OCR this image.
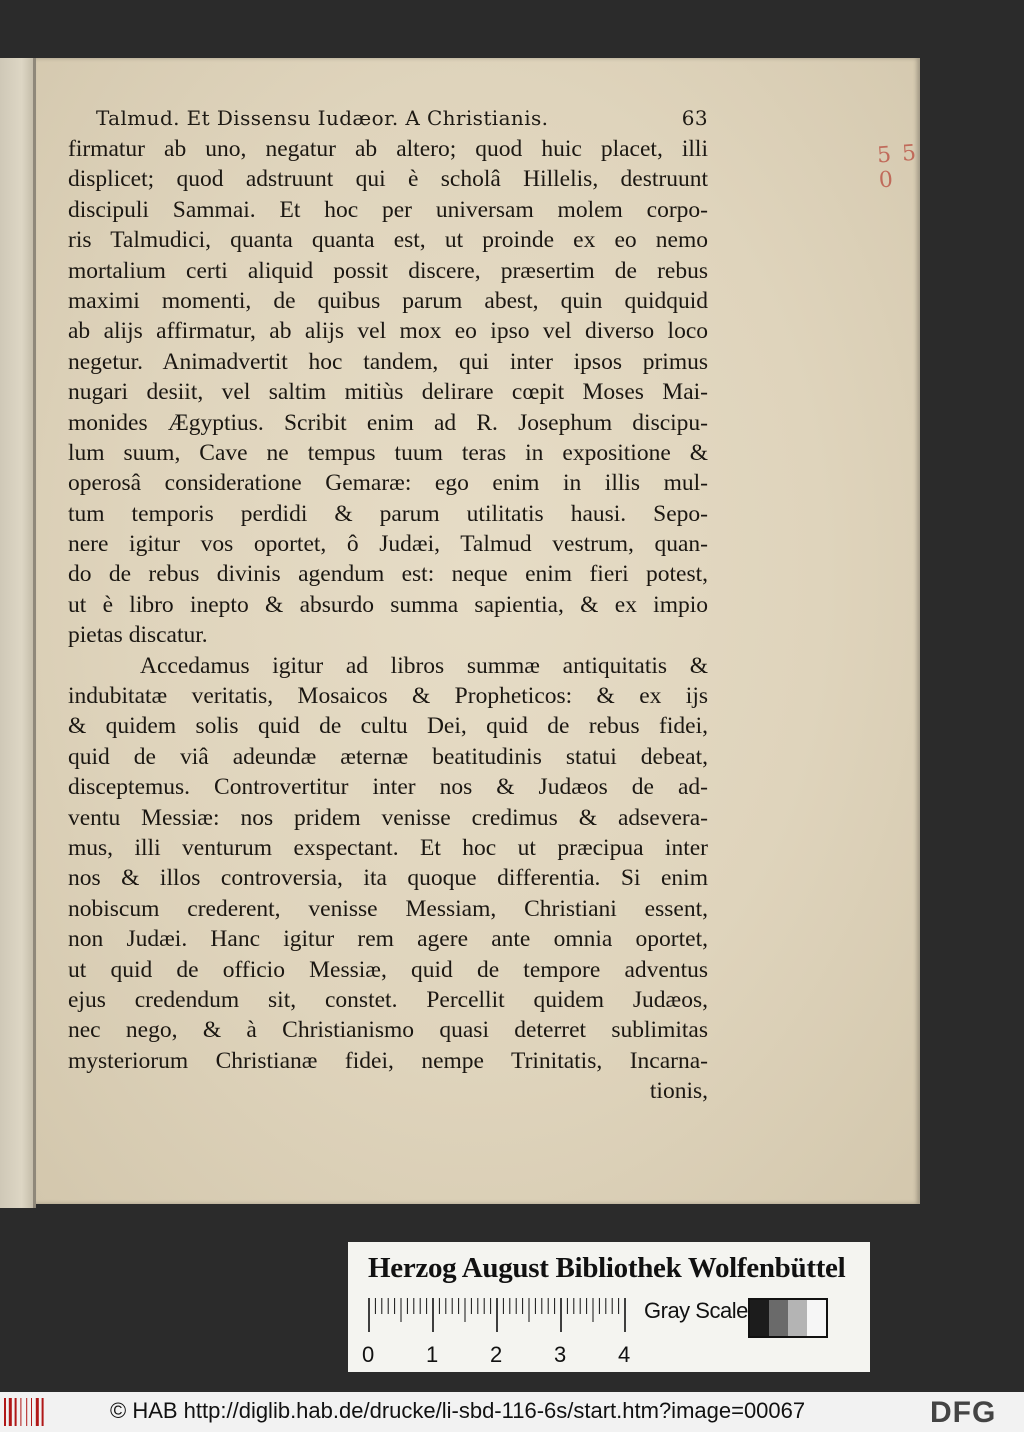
5 5 0
Talmud. Et Dissensu Iudæor. A Christianis.	63
firmatur ab uno, negatur ab altero; quod huic placet, illi
displicet; quod adstruunt qui è scholâ Hillelis, destruunt
discipuli Sammai. Et hoc per universam molem corpo-
ris Talmudici, quanta quanta est, ut proinde ex eo nemo
mortalium certi aliquid possit discere, præsertim de rebus
maximi momenti, de quibus parum abest, quin quidquid
ab alijs affirmatur, ab alijs vel mox eo ipso vel diverso loco
negetur. Animadvertit hoc tandem, qui inter ipsos primus
nugari desiit, vel saltim mitiùs delirare cœpit Moses Mai-
monides Ægyptius. Scribit enim ad R. Josephum discipu-
lum suum, Cave ne tempus tuum teras in expositione &
operosâ consideratione Gemaræ: ego enim in illis mul-
tum temporis perdidi & parum utilitatis hausi. Sepo-
nere igitur vos oportet, ô Judæi, Talmud vestrum, quan-
do de rebus divinis agendum est: neque enim fieri potest,
ut è libro inepto & absurdo summa sapientia, & ex impio
pietas discatur.
Accedamus igitur ad libros summæ antiquitatis &
indubitatæ veritatis, Mosaicos & Propheticos: & ex ijs
& quidem solis quid de cultu Dei, quid de rebus fidei,
quid de viâ adeundæ æternæ beatitudinis statui debeat,
disceptemus. Controvertitur inter nos & Judæos de ad-
ventu Messiæ: nos pridem venisse credimus & adsevera-
mus, illi venturum exspectant. Et hoc ut præcipua inter
nos & illos controversia, ita quoque differentia. Si enim
nobiscum crederent, venisse Messiam, Christiani essent,
non Judæi. Hanc igitur rem agere ante omnia oportet,
ut quid de officio Messiæ, quid de tempore adventus
ejus credendum sit, constet. Percellit quidem Judæos,
nec nego, & à Christianismo quasi deterret sublimitas
mysteriorum Christianæ fidei, nempe Trinitatis, Incarna-
tionis,
Herzog August Bibliothek Wolfenbüttel
0 1 2 3 4
Gray Scale
© HAB http://diglib.hab.de/drucke/li-sbd-116-6s/start.htm?image=00067	DFG
